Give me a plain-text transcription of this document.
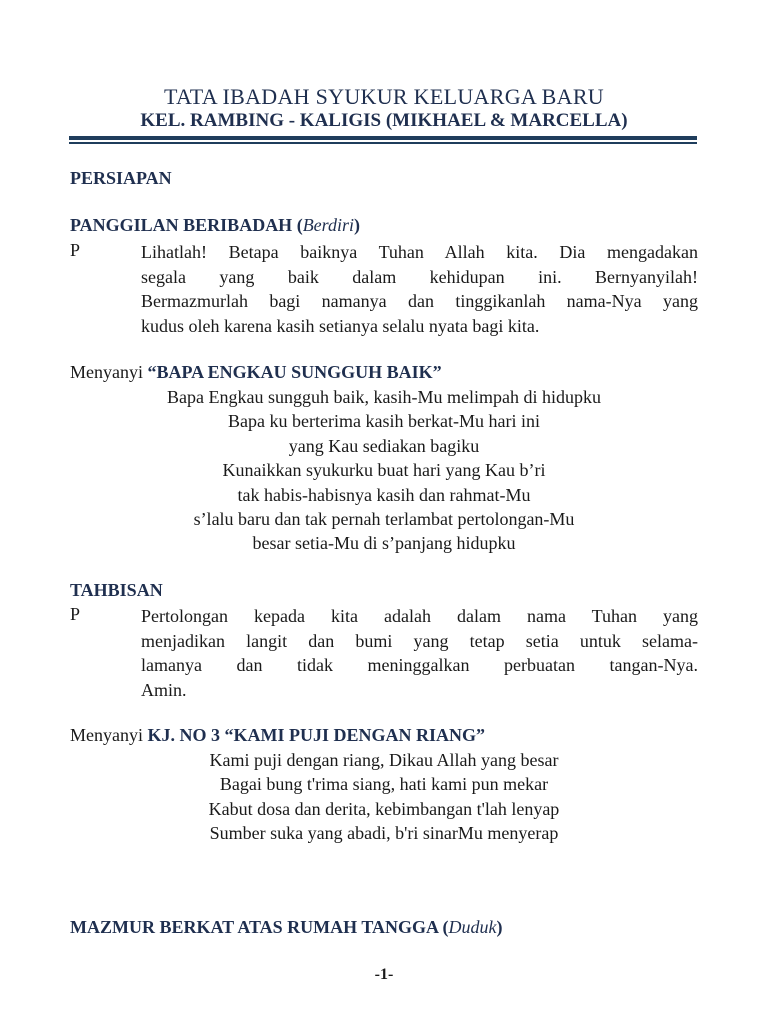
TATA IBADAH SYUKUR KELUARGA BARU
KEL. RAMBING - KALIGIS (MIKHAEL & MARCELLA)
PERSIAPAN
PANGGILAN BERIBADAH (Berdiri)
P	Lihatlah! Betapa baiknya Tuhan Allah kita. Dia mengadakan
segala yang baik dalam kehidupan ini. Bernyanyilah!
Bermazmurlah bagi namanya dan tinggikanlah nama-Nya yang
kudus oleh karena kasih setianya selalu nyata bagi kita.
Menyanyi “BAPA ENGKAU SUNGGUH BAIK”
Bapa Engkau sungguh baik, kasih-Mu melimpah di hidupku
Bapa ku berterima kasih berkat-Mu hari ini
yang Kau sediakan bagiku
Kunaikkan syukurku buat hari yang Kau b’ri
tak habis-habisnya kasih dan rahmat-Mu
s’lalu baru dan tak pernah terlambat pertolongan-Mu
besar setia-Mu di s’panjang hidupku
TAHBISAN
P	Pertolongan kepada kita adalah dalam nama Tuhan yang
menjadikan langit dan bumi yang tetap setia untuk selama-
lamanya dan tidak meninggalkan perbuatan tangan-Nya.
Amin.
Menyanyi KJ. NO 3 “KAMI PUJI DENGAN RIANG”
Kami puji dengan riang, Dikau Allah yang besar
Bagai bung t'rima siang, hati kami pun mekar
Kabut dosa dan derita, kebimbangan t'lah lenyap
Sumber suka yang abadi, b'ri sinarMu menyerap
MAZMUR BERKAT ATAS RUMAH TANGGA (Duduk)
-1-
